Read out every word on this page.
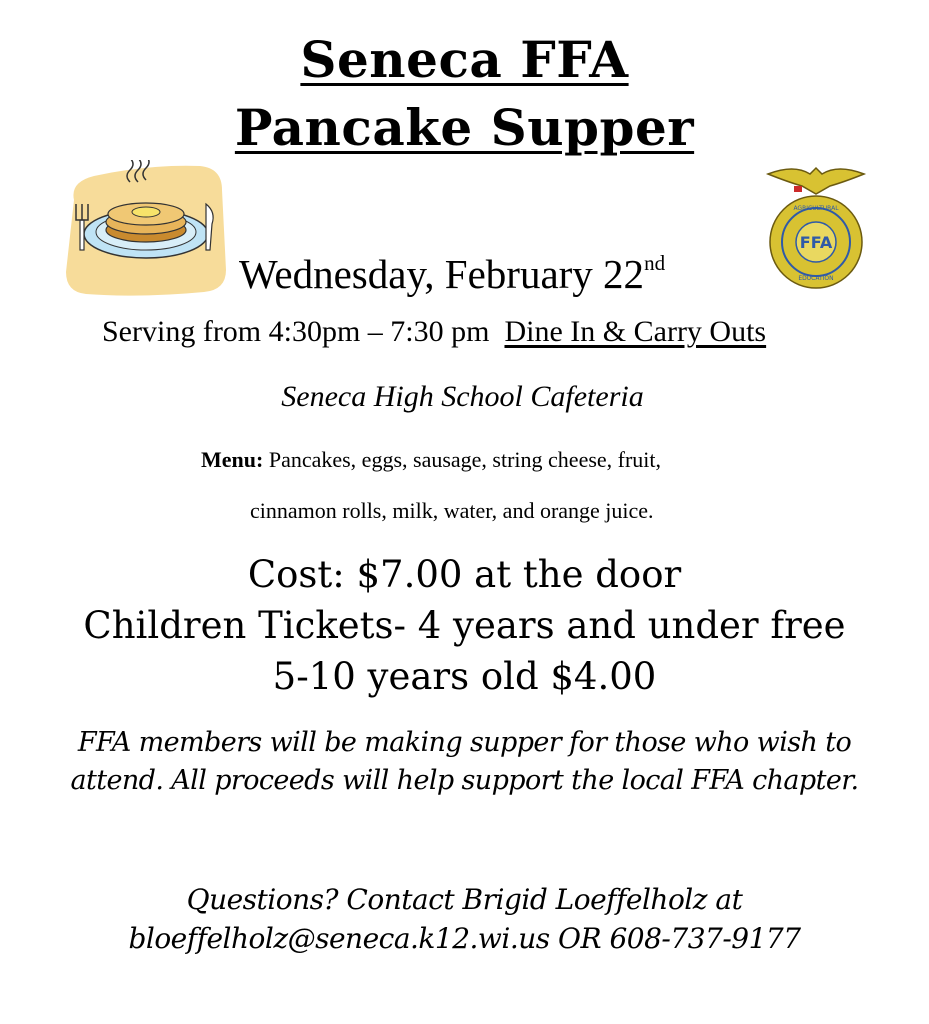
Seneca FFA
Pancake Supper
FFA
AGRICULTURAL
EDUCATION
Wednesday, February 22nd
Serving from 4:30pm – 7:30 pm Dine In & Carry Outs
Seneca High School Cafeteria
Menu: Pancakes, eggs, sausage, string cheese, fruit,
cinnamon rolls, milk, water, and orange juice.
Cost: $7.00 at the door
Children Tickets- 4 years and under free
5-10 years old $4.00
FFA members will be making supper for those who wish to
attend. All proceeds will help support the local FFA chapter.
Questions? Contact Brigid Loeffelholz at
bloeffelholz@seneca.k12.wi.us OR 608-737-9177
